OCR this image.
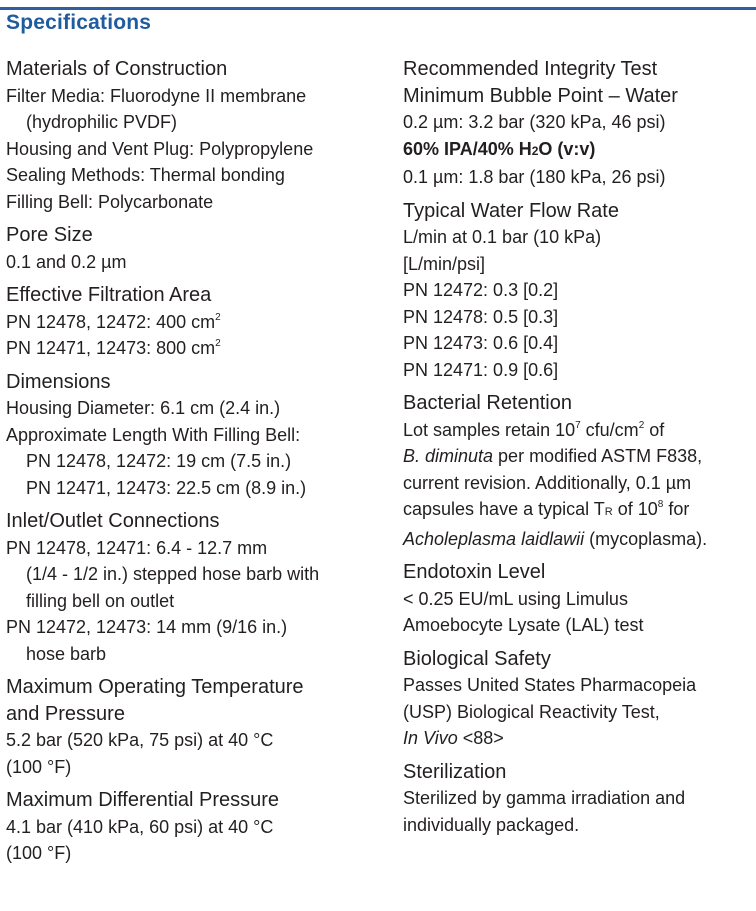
Specifications
Materials of Construction
Filter Media: Fluorodyne II membrane
(hydrophilic PVDF)
Housing and Vent Plug: Polypropylene
Sealing Methods: Thermal bonding
Filling Bell: Polycarbonate
Pore Size
0.1 and 0.2 µm
Effective Filtration Area
PN 12478, 12472: 400 $cm^2$
PN 12471, 12473: 800 $cm^2$
Dimensions
Housing Diameter: 6.1 cm (2.4 in.)
Approximate Length With Filling Bell:
PN 12478, 12472: 19 cm (7.5 in.)
PN 12471, 12473: 22.5 cm (8.9 in.)
Inlet/Outlet Connections
PN 12478, 12471: 6.4 - 12.7 mm
(1/4 - 1/2 in.) stepped hose barb with
filling bell on outlet
PN 12472, 12473: 14 mm (9/16 in.)
hose barb
Maximum Operating Temperature
and Pressure
5.2 bar (520 kPa, 75 psi) at 40 °C
(100 °F)
Maximum Differential Pressure
4.1 bar (410 kPa, 60 psi) at 40 °C
(100 °F)
Recommended Integrity Test
Minimum Bubble Point – Water
0.2 µm: 3.2 bar (320 kPa, 46 psi)
60% IPA/40% H2O (v:v)
0.1 µm: 1.8 bar (180 kPa, 26 psi)
Typical Water Flow Rate
L/min at 0.1 bar (10 kPa)
[L/min/psi]
PN 12472: 0.3 [0.2]
PN 12478: 0.5 [0.3]
PN 12473: 0.6 [0.4]
PN 12471: 0.9 [0.6]
Bacterial Retention
Lot samples retain $10^7$ cfu/$cm^2$ of
B. diminuta per modified ASTM F838,
current revision. Additionally, 0.1 µm
capsules have a typical TR of $10^8$ for
Acholeplasma laidlawii (mycoplasma).
Endotoxin Level
< 0.25 EU/mL using Limulus
Amoebocyte Lysate (LAL) test
Biological Safety
Passes United States Pharmacopeia
(USP) Biological Reactivity Test,
In Vivo <88>
Sterilization
Sterilized by gamma irradiation and
individually packaged.
